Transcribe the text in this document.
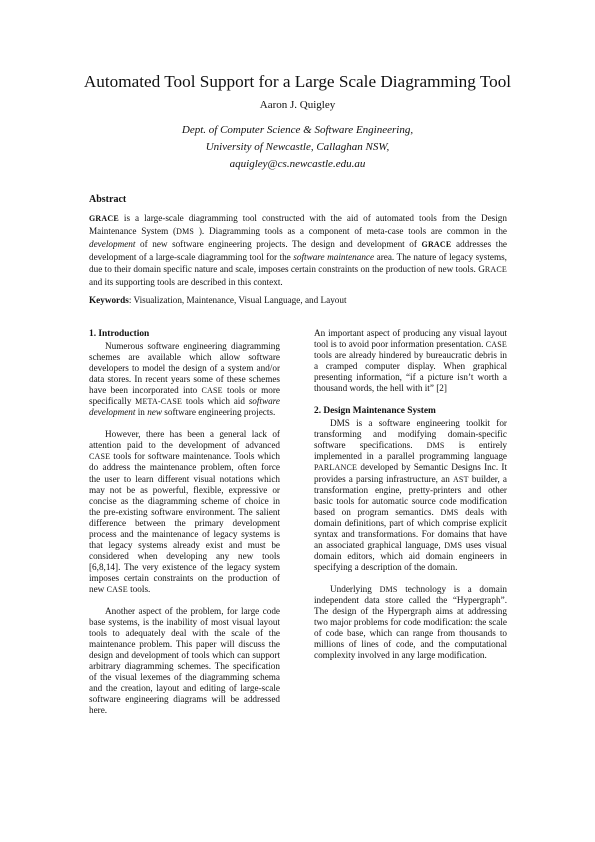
Automated Tool Support for a Large Scale Diagramming Tool
Aaron J. Quigley
Dept. of Computer Science & Software Engineering,
University of Newcastle, Callaghan NSW,
aquigley@cs.newcastle.edu.au
Abstract
GRACE is a large-scale diagramming tool constructed with the aid of automated tools from the Design Maintenance System (DMS ). Diagramming tools as a component of meta-case tools are common in the development of new software engineering projects. The design and development of GRACE addresses the development of a large-scale diagramming tool for the software maintenance area. The nature of legacy systems, due to their domain specific nature and scale, imposes certain constraints on the production of new tools. GRACE and its supporting tools are described in this context.
Keywords: Visualization, Maintenance, Visual Language, and Layout
1. Introduction

Numerous software engineering diagramming schemes are available which allow software developers to model the design of a system and/or data stores. In recent years some of these schemes have been incorporated into CASE tools or more specifically META-CASE tools which aid software development in new software engineering projects.

However, there has been a general lack of attention paid to the development of advanced CASE tools for software maintenance. Tools which do address the maintenance problem, often force the user to learn different visual notations which may not be as powerful, flexible, expressive or concise as the diagramming scheme of choice in the pre-existing software environment. The salient difference between the primary development process and the maintenance of legacy systems is that legacy systems already exist and must be considered when developing any new tools [6,8,14]. The very existence of the legacy system imposes certain constraints on the production of new CASE tools.

Another aspect of the problem, for large code base systems, is the inability of most visual layout tools to adequately deal with the scale of the maintenance problem. This paper will discuss the design and development of tools which can support arbitrary diagramming schemes. The specification of the visual lexemes of the diagramming schema and the creation, layout and editing of large-scale software engineering diagrams will be addressed here.

An important aspect of producing any visual layout tool is to avoid poor information presentation. CASE tools are already hindered by bureaucratic debris in a cramped computer display. When graphical presenting information, “if a picture isn’t worth a thousand words, the hell with it” [2]

2. Design Maintenance System

DMS is a software engineering toolkit for transforming and modifying domain-specific software specifications. DMS is entirely implemented in a parallel programming language PARLANCE developed by Semantic Designs Inc. It provides a parsing infrastructure, an AST builder, a transformation engine, pretty-printers and other basic tools for automatic source code modification based on program semantics. DMS deals with domain definitions, part of which comprise explicit syntax and transformations. For domains that have an associated graphical language, DMS uses visual domain editors, which aid domain engineers in specifying a description of the domain.

Underlying DMS technology is a domain independent data store called the “Hypergraph”. The design of the Hypergraph aims at addressing two major problems for code modification: the scale of code base, which can range from thousands to millions of lines of code, and the computational complexity involved in any large modification.
